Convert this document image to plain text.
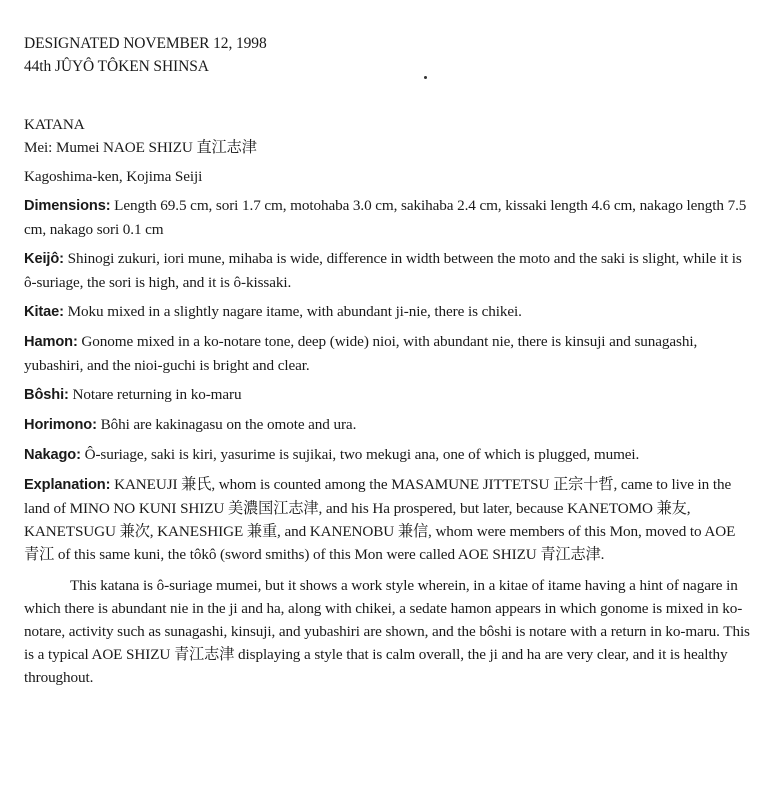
DESIGNATED NOVEMBER 12, 1998
44th JÛYÔ TÔKEN SHINSA
KATANA
Mei: Mumei NAOE SHIZU 直江志津
Kagoshima-ken, Kojima Seiji

Dimensions: Length 69.5 cm, sori 1.7 cm, motohaba 3.0 cm, sakihaba 2.4 cm, kissaki length 4.6 cm, nakago length 7.5 cm, nakago sori 0.1 cm

Keijô: Shinogi zukuri, iori mune, mihaba is wide, difference in width between the moto and the saki is slight, while it is ô-suriage, the sori is high, and it is ô-kissaki.

Kitae: Moku mixed in a slightly nagare itame, with abundant ji-nie, there is chikei.

Hamon: Gonome mixed in a ko-notare tone, deep (wide) nioi, with abundant nie, there is kinsuji and sunagashi, yubashiri, and the nioi-guchi is bright and clear.

Bôshi: Notare returning in ko-maru

Horimono: Bôhi are kakinagasu on the omote and ura.

Nakago: Ô-suriage, saki is kiri, yasurime is sujikai, two mekugi ana, one of which is plugged, mumei.

Explanation: KANEUJI 兼氏, whom is counted among the MASAMUNE JITTETSU 正宗十哲, came to live in the land of MINO NO KUNI SHIZU 美濃国江志津, and his Ha prospered, but later, because KANETOMO 兼友, KANETSUGU 兼次, KANESHIGE 兼重, and KANENOBU 兼信, whom were members of this Mon, moved to AOE 青江 of this same kuni, the tôkô (sword smiths) of this Mon were called AOE SHIZU 青江志津.

This katana is ô-suriage mumei, but it shows a work style wherein, in a kitae of itame having a hint of nagare in which there is abundant nie in the ji and ha, along with chikei, a sedate hamon appears in which gonome is mixed in ko-notare, activity such as sunagashi, kinsuji, and yubashiri are shown, and the bôshi is notare with a return in ko-maru. This is a typical AOE SHIZU 青江志津 displaying a style that is calm overall, the ji and ha are very clear, and it is healthy throughout.
